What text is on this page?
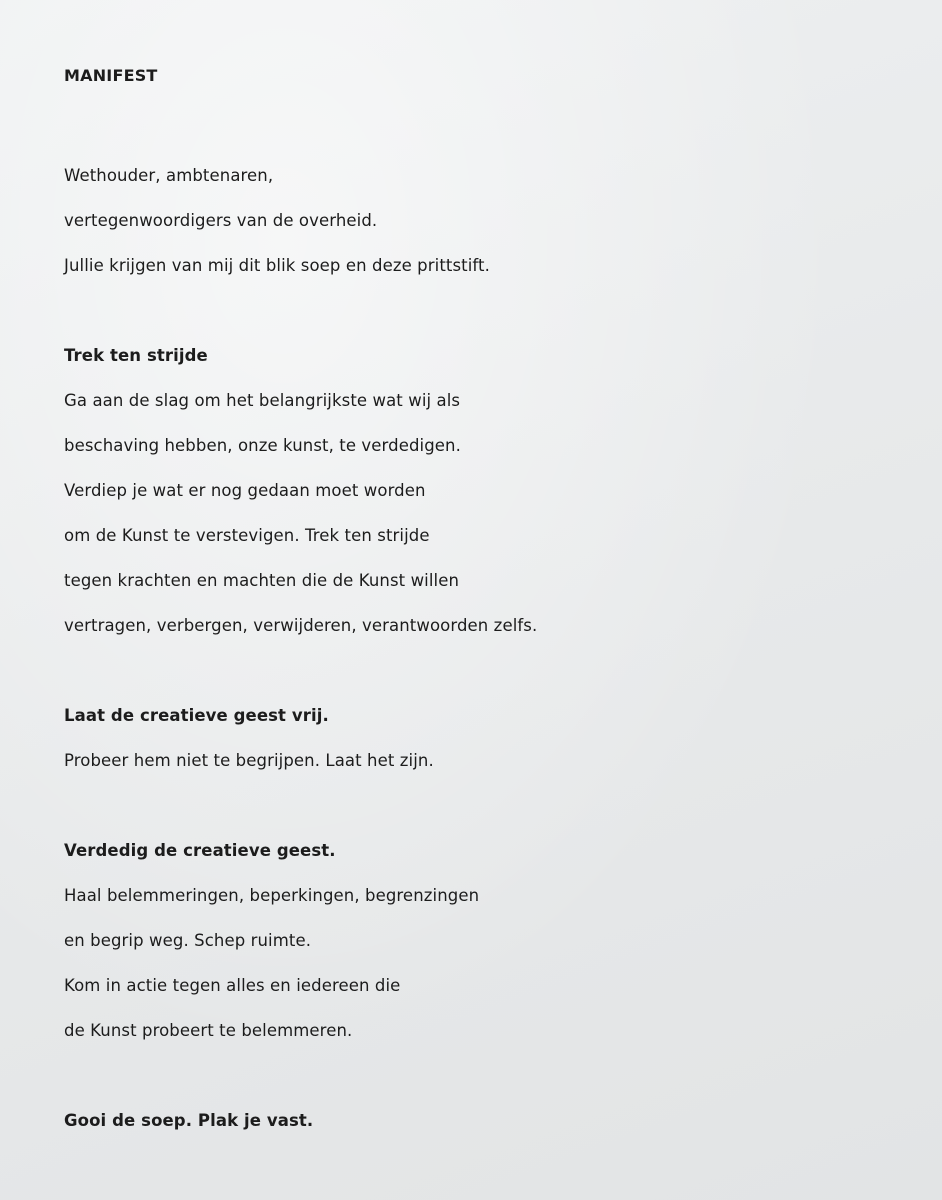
MANIFEST
Wethouder, ambtenaren,
vertegenwoordigers van de overheid.
Jullie krijgen van mij dit blik soep en deze prittstift.
Trek ten strijde
Ga aan de slag om het belangrijkste wat wij als
beschaving hebben, onze kunst, te verdedigen.
Verdiep je wat er nog gedaan moet worden
om de Kunst te verstevigen. Trek ten strijde
tegen krachten en machten die de Kunst willen
vertragen, verbergen, verwijderen, verantwoorden zelfs.
Laat de creatieve geest vrij.
Probeer hem niet te begrijpen. Laat het zijn.
Verdedig de creatieve geest.
Haal belemmeringen, beperkingen, begrenzingen
en begrip weg. Schep ruimte.
Kom in actie tegen alles en iedereen die
de Kunst probeert te belemmeren.
Gooi de soep. Plak je vast.
